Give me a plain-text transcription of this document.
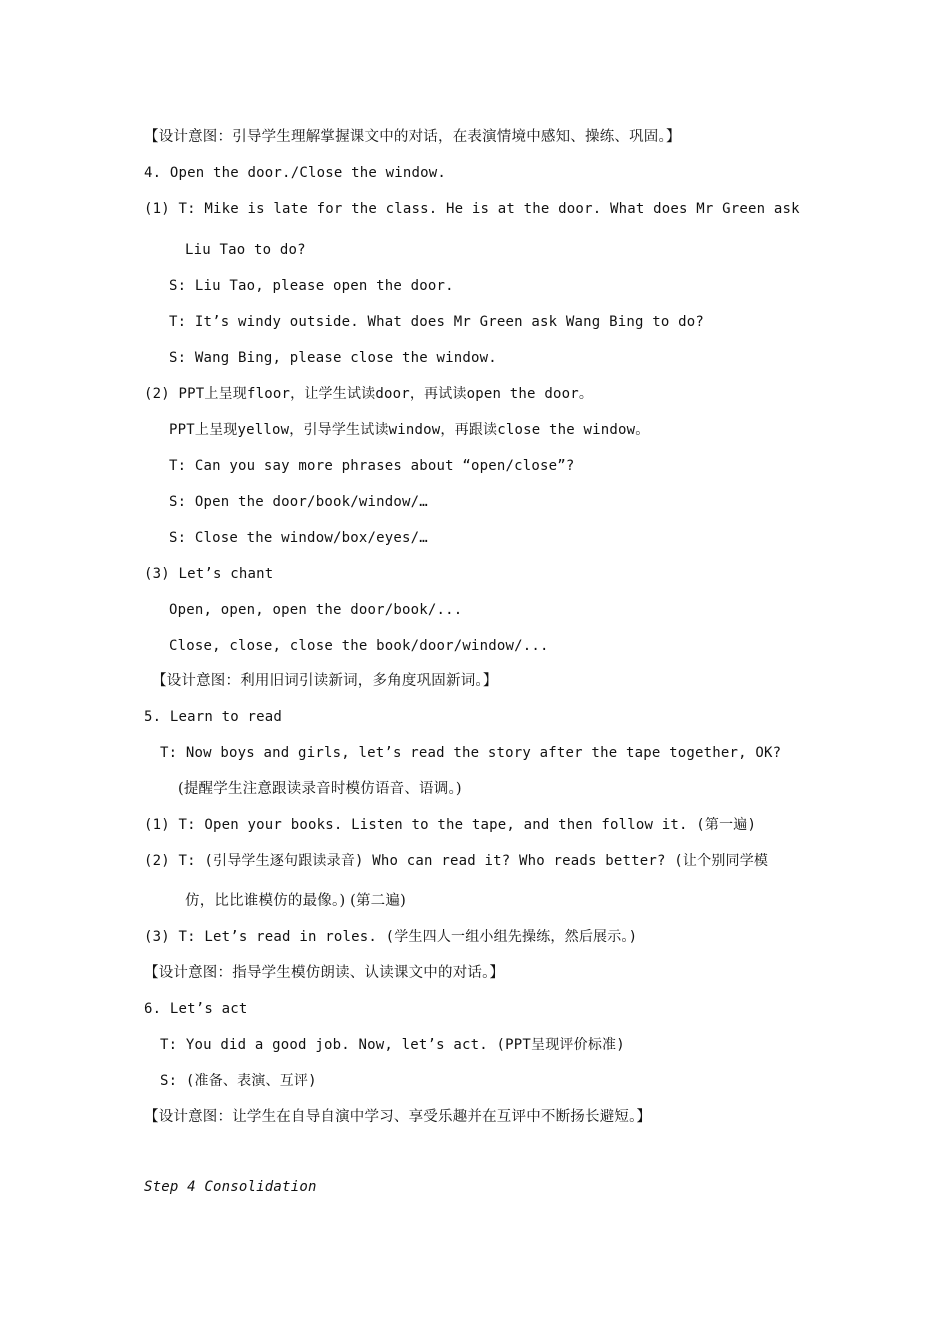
【设计意图：引导学生理解掌握课文中的对话，在表演情境中感知、操练、巩固。】
4. Open the door./Close the window.
(1) T: Mike is late for the class. He is at the door. What does Mr Green ask
Liu Tao to do?
S: Liu Tao, please open the door.
T: It’s windy outside. What does Mr Green ask Wang Bing to do?
S: Wang Bing, please close the window.
(2) PPT上呈现floor，让学生试读door，再试读open the door。
PPT上呈现yellow，引导学生试读window，再跟读close the window。
T: Can you say more phrases about “open/close”?
S: Open the door/book/window/…
S: Close the window/box/eyes/…
(3) Let’s chant
Open, open, open the door/book/...
Close, close, close the book/door/window/...
【设计意图：利用旧词引读新词，多角度巩固新词。】
5. Learn to read
T: Now boys and girls, let’s read the story after the tape together, OK?
(提醒学生注意跟读录音时模仿语音、语调。)
(1) T: Open your books. Listen to the tape, and then follow it. (第一遍)
(2) T: (引导学生逐句跟读录音) Who can read it? Who reads better? (让个别同学模
仿，比比谁模仿的最像。) (第二遍)
(3) T: Let’s read in roles. (学生四人一组小组先操练，然后展示。)
【设计意图：指导学生模仿朗读、认读课文中的对话。】
6. Let’s act
T: You did a good job. Now, let’s act. (PPT呈现评价标准)
S: (准备、表演、互评)
【设计意图：让学生在自导自演中学习、享受乐趣并在互评中不断扬长避短。】
Step 4 Consolidation
